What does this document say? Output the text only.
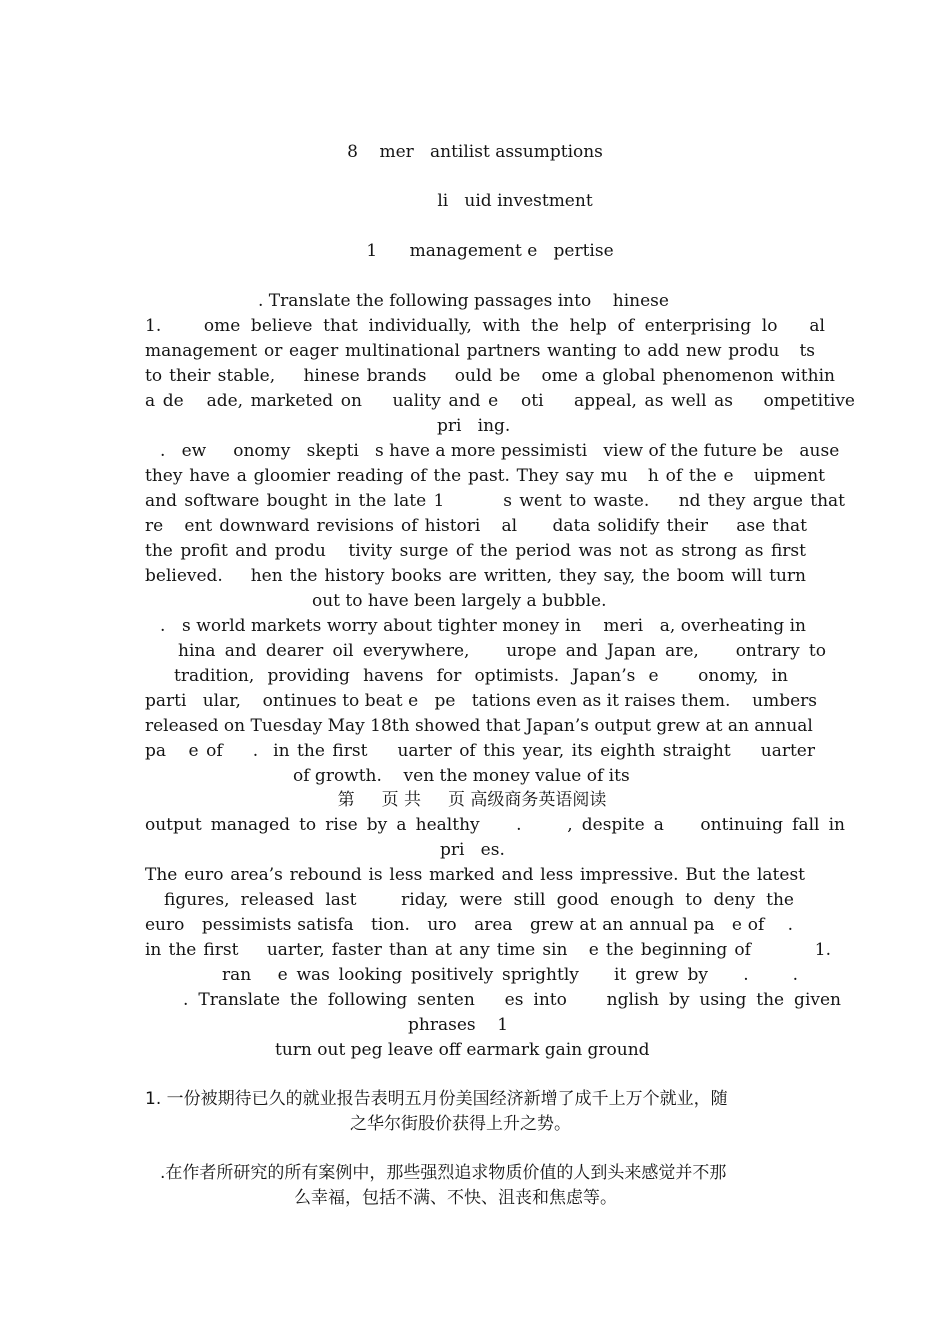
8    mer   antilist assumptions
li   uid investment
1      management e   pertise
. Translate the following passages into    hinese
1.    ome believe that individually, with the help of enterprising lo   al
management or eager multinational partners wanting to add new produ   ts
to their stable,    hinese brands    ould be   ome a global phenomenon within
a de   ade, marketed on    uality and e   oti    appeal, as well as    ompetitive
pri   ing.
.   ew     onomy   skepti   s have a more pessimisti   view of the future be   ause
they have a gloomier reading of the past. They say mu   h of the e   uipment
and software bought in the late 1        s went to waste.    nd they argue that
re   ent downward revisions of histori   al     data solidify their    ase that
the profit and produ   tivity surge of the period was not as strong as first
believed.    hen the history books are written, they say, the boom will turn
out to have been largely a bubble.
.   s world markets worry about tighter money in    meri   a, overheating in
hina and dearer oil everywhere,    urope and Japan are,    ontrary to
tradition, providing havens for optimists. Japan’s e   onomy, in
parti   ular,    ontinues to beat e   pe   tations even as it raises them.    umbers
released on Tuesday May 18th showed that Japan’s output grew at an annual
pa   e of    .  in the first    uarter of this year, its eighth straight    uarter
of growth.    ven the money value of its
第     页 共     页 高级商务英语阅读
output managed to rise by a healthy    .     , despite a    ontinuing fall in
pri   es.
The euro area’s rebound is less marked and less impressive. But the latest
figures, released last    riday, were still good enough to deny the
euro   pessimists satisfa   tion.   uro   area   grew at an annual pa   e of    .
in the first    uarter, faster than at any time sin   e the beginning of         1.
ran   e was looking positively sprightly    it grew by    .     .
. Translate the following senten   es into    nglish by using the given
phrases    1
turn out peg leave off earmark gain ground
1. 一份被期待已久的就业报告表明五月份美国经济新增了成千上万个就业，随
之华尔街股价获得上升之势。
.在作者所研究的所有案例中，那些强烈追求物质价值的人到头来感觉并不那
么幸福，包括不满、不快、沮丧和焦虑等。
